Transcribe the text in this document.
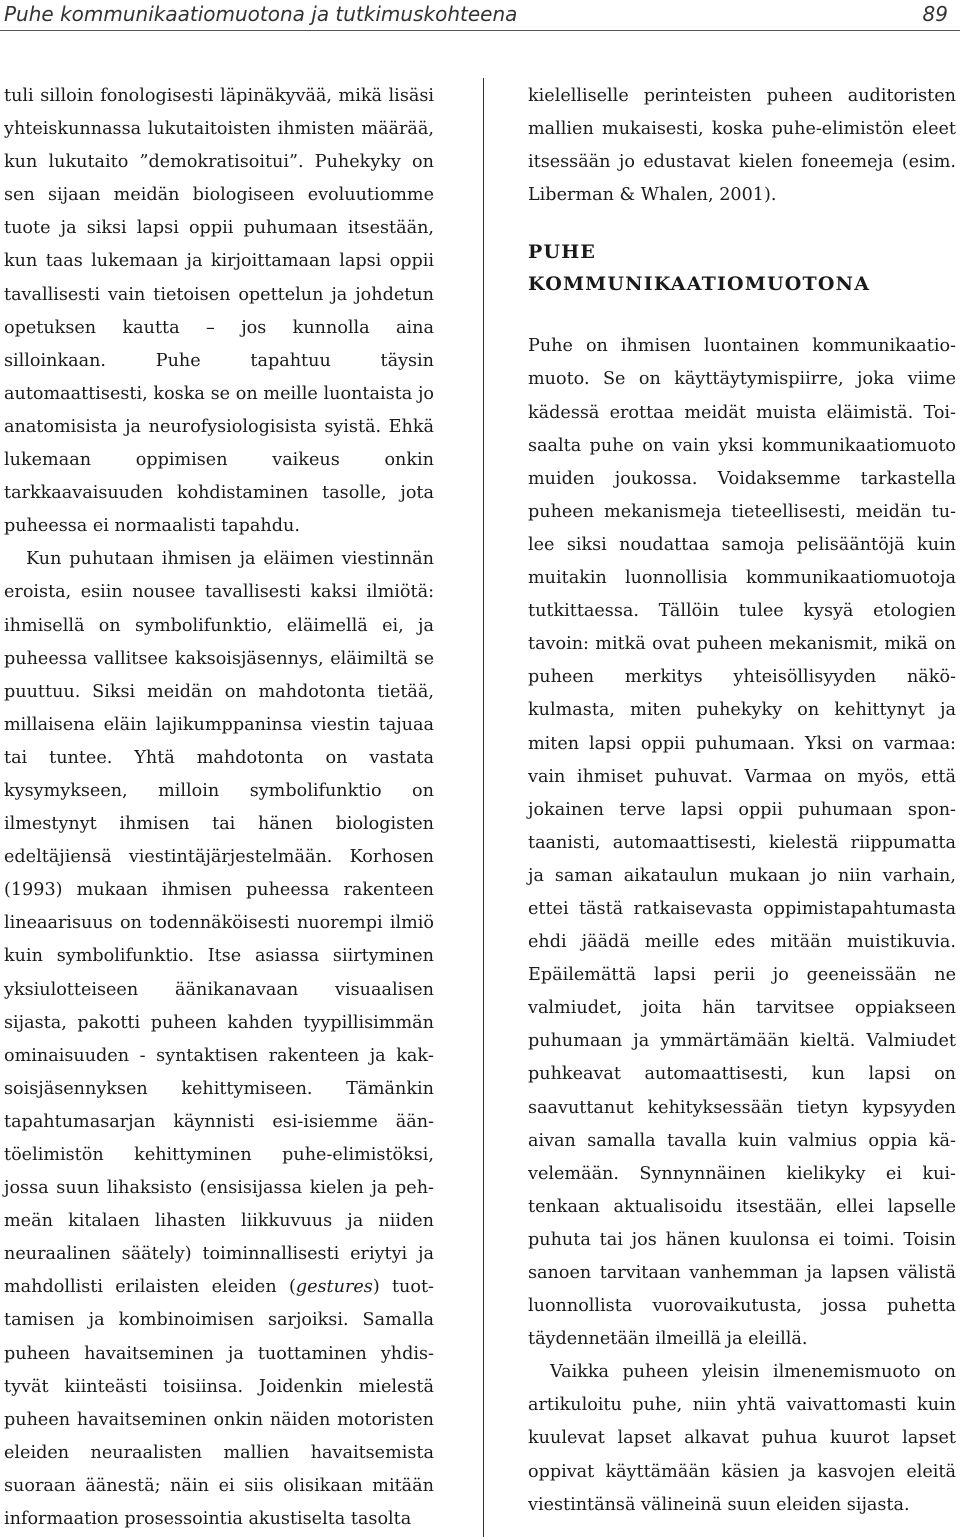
Puhe kommunikaatiomuotona ja tutkimuskohteena	89

tuli silloin fonologisesti läpinäkyvää, mikä lisäsi yhteiskunnassa lukutaitoisten ihmisten määrää, kun lukutaito ”demokratisoitui”. Puhekyky on sen sijaan meidän biologiseen evoluutiomme tuote ja siksi lapsi oppii puhumaan itsestään, kun taas lukemaan ja kirjoittamaan lapsi oppii tavallisesti vain tietoisen opettelun ja johdetun opetuksen kautta – jos kunnolla aina silloinkaan. Puhe tapahtuu täysin automaattisesti, koska se on meille luontaista jo anatomisista ja neurofysiologisista syistä. Ehkä lukemaan oppimisen vaikeus onkin tarkkaavaisuuden kohdistaminen tasolle, jota puheessa ei normaalisti tapahdu.

Kun puhutaan ihmisen ja eläimen viestinnän eroista, esiin nousee tavallisesti kaksi ilmiötä: ihmisellä on symbolifunktio, eläimellä ei, ja puheessa vallitsee kaksoisjäsennys, eläimiltä se puuttuu. Siksi meidän on mahdotonta tietää, millaisena eläin lajikumppaninsa viestin tajuaa tai tuntee. Yhtä mahdotonta on vastata kysymykseen, milloin symbolifunktio on ilmestynyt ihmisen tai hänen biologisten edeltäjiensä viestintäjärjestelmään. Korhosen (1993) mukaan ihmisen puheessa rakenteen lineaarisuus on todennäköisesti nuorempi ilmiö kuin symbolifunktio. Itse asiassa siirtyminen yksiulotteiseen äänikanavaan visuaalisen sijasta, pakotti puheen kahden tyypillisimmän ominaisuuden - syntaktisen rakenteen ja kaksoisjäsennyksen kehittymiseen. Tämänkin tapahtumasarjan käynnisti esi-isiemme ääntöelimistön kehittyminen puhe-elimistöksi, jossa suun lihaksisto (ensisijassa kielen ja pehmeän kitalaen lihasten liikkuvuus ja niiden neuraalinen säätely) toiminnallisesti eriytyi ja mahdollisti erilaisten eleiden (gestures) tuottamisen ja kombinoimisen sarjoiksi. Samalla puheen havaitseminen ja tuottaminen yhdistyvät kiinteästi toisiinsa. Joidenkin mielestä puheen havaitseminen onkin näiden motoristen eleiden neuraalisten mallien havaitsemista suoraan äänestä; näin ei siis olisikaan mitään informaation prosessointia akustiselta tasolta

kielelliselle perinteisten puheen auditoristen mallien mukaisesti, koska puhe-elimistön eleet itsessään jo edustavat kielen foneemeja (esim. Liberman & Whalen, 2001).

PUHE
KOMMUNIKAATIOMUOTONA

Puhe on ihmisen luontainen kommunikaatiomuoto. Se on käyttäytymispiirre, joka viime kädessä erottaa meidät muista eläimistä. Toisaalta puhe on vain yksi kommunikaatiomuoto muiden joukossa. Voidaksemme tarkastella puheen mekanismeja tieteellisesti, meidän tulee siksi noudattaa samoja pelisääntöjä kuin muitakin luonnollisia kommunikaatiomuotoja tutkittaessa. Tällöin tulee kysyä etologien tavoin: mitkä ovat puheen mekanismit, mikä on puheen merkitys yhteisöllisyyden näkökulmasta, miten puhekyky on kehittynyt ja miten lapsi oppii puhumaan. Yksi on varmaa: vain ihmiset puhuvat. Varmaa on myös, että jokainen terve lapsi oppii puhumaan spontaanisti, automaattisesti, kielestä riippumatta ja saman aikataulun mukaan jo niin varhain, ettei tästä ratkaisevasta oppimistapahtumasta ehdi jäädä meille edes mitään muistikuvia. Epäilemättä lapsi perii jo geeneissään ne valmiudet, joita hän tarvitsee oppiakseen puhumaan ja ymmärtämään kieltä. Valmiudet puhkeavat automaattisesti, kun lapsi on saavuttanut kehityksessään tietyn kypsyyden aivan samalla tavalla kuin valmius oppia kävelemään. Synnynnäinen kielikyky ei kuitenkaan aktualisoidu itsestään, ellei lapselle puhuta tai jos hänen kuulonsa ei toimi. Toisin sanoen tarvitaan vanhemman ja lapsen välistä luonnollista vuorovaikutusta, jossa puhetta täydennetään ilmeillä ja eleillä.

Vaikka puheen yleisin ilmenemismuoto on artikuloitu puhe, niin yhtä vaivattomasti kuin kuulevat lapset alkavat puhua kuurot lapset oppivat käyttämään käsien ja kasvojen eleitä viestintänsä välineinä suun eleiden sijasta.
